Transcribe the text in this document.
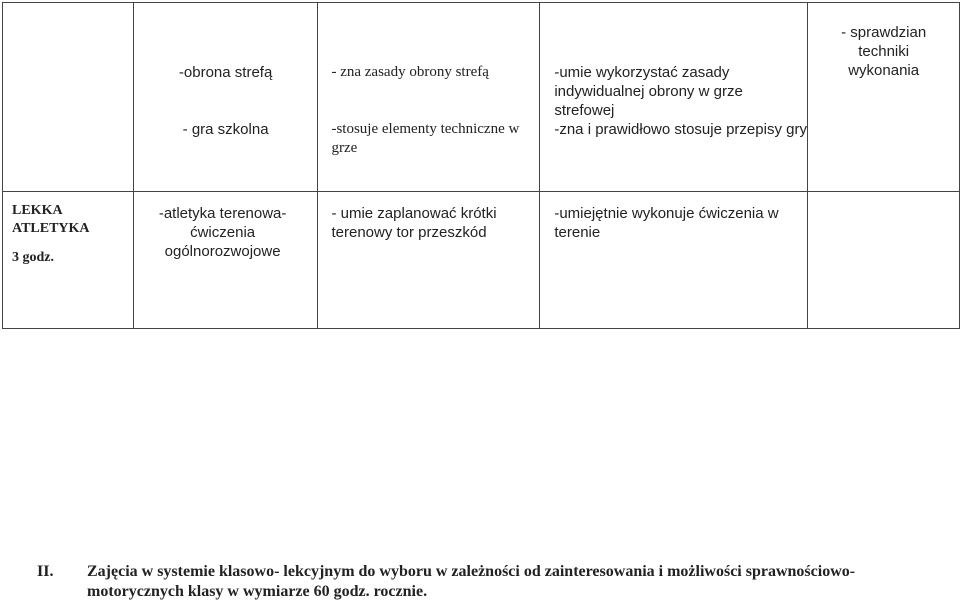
	-obrona strefą
- gra szkolna	- zna zasady obrony strefą
-stosuje elementy techniczne w
grze	-umie wykorzystać zasady
indywidualnej obrony w grze
strefowej
-zna i prawidłowo stosuje przepisy gry	- sprawdzian
techniki
wykonania

LEKKA
ATLETYKA
3 godz.	-atletyka terenowa-
ćwiczenia
ogólnorozwojowe	- umie zaplanować krótki
terenowy tor przeszkód	-umiejętnie wykonuje ćwiczenia w
terenie	

II. Zajęcia w systemie klasowo- lekcyjnym do wyboru w zależności od zainteresowania i możliwości sprawnościowo-
motorycznych klasy w wymiarze 60 godz. rocznie.
